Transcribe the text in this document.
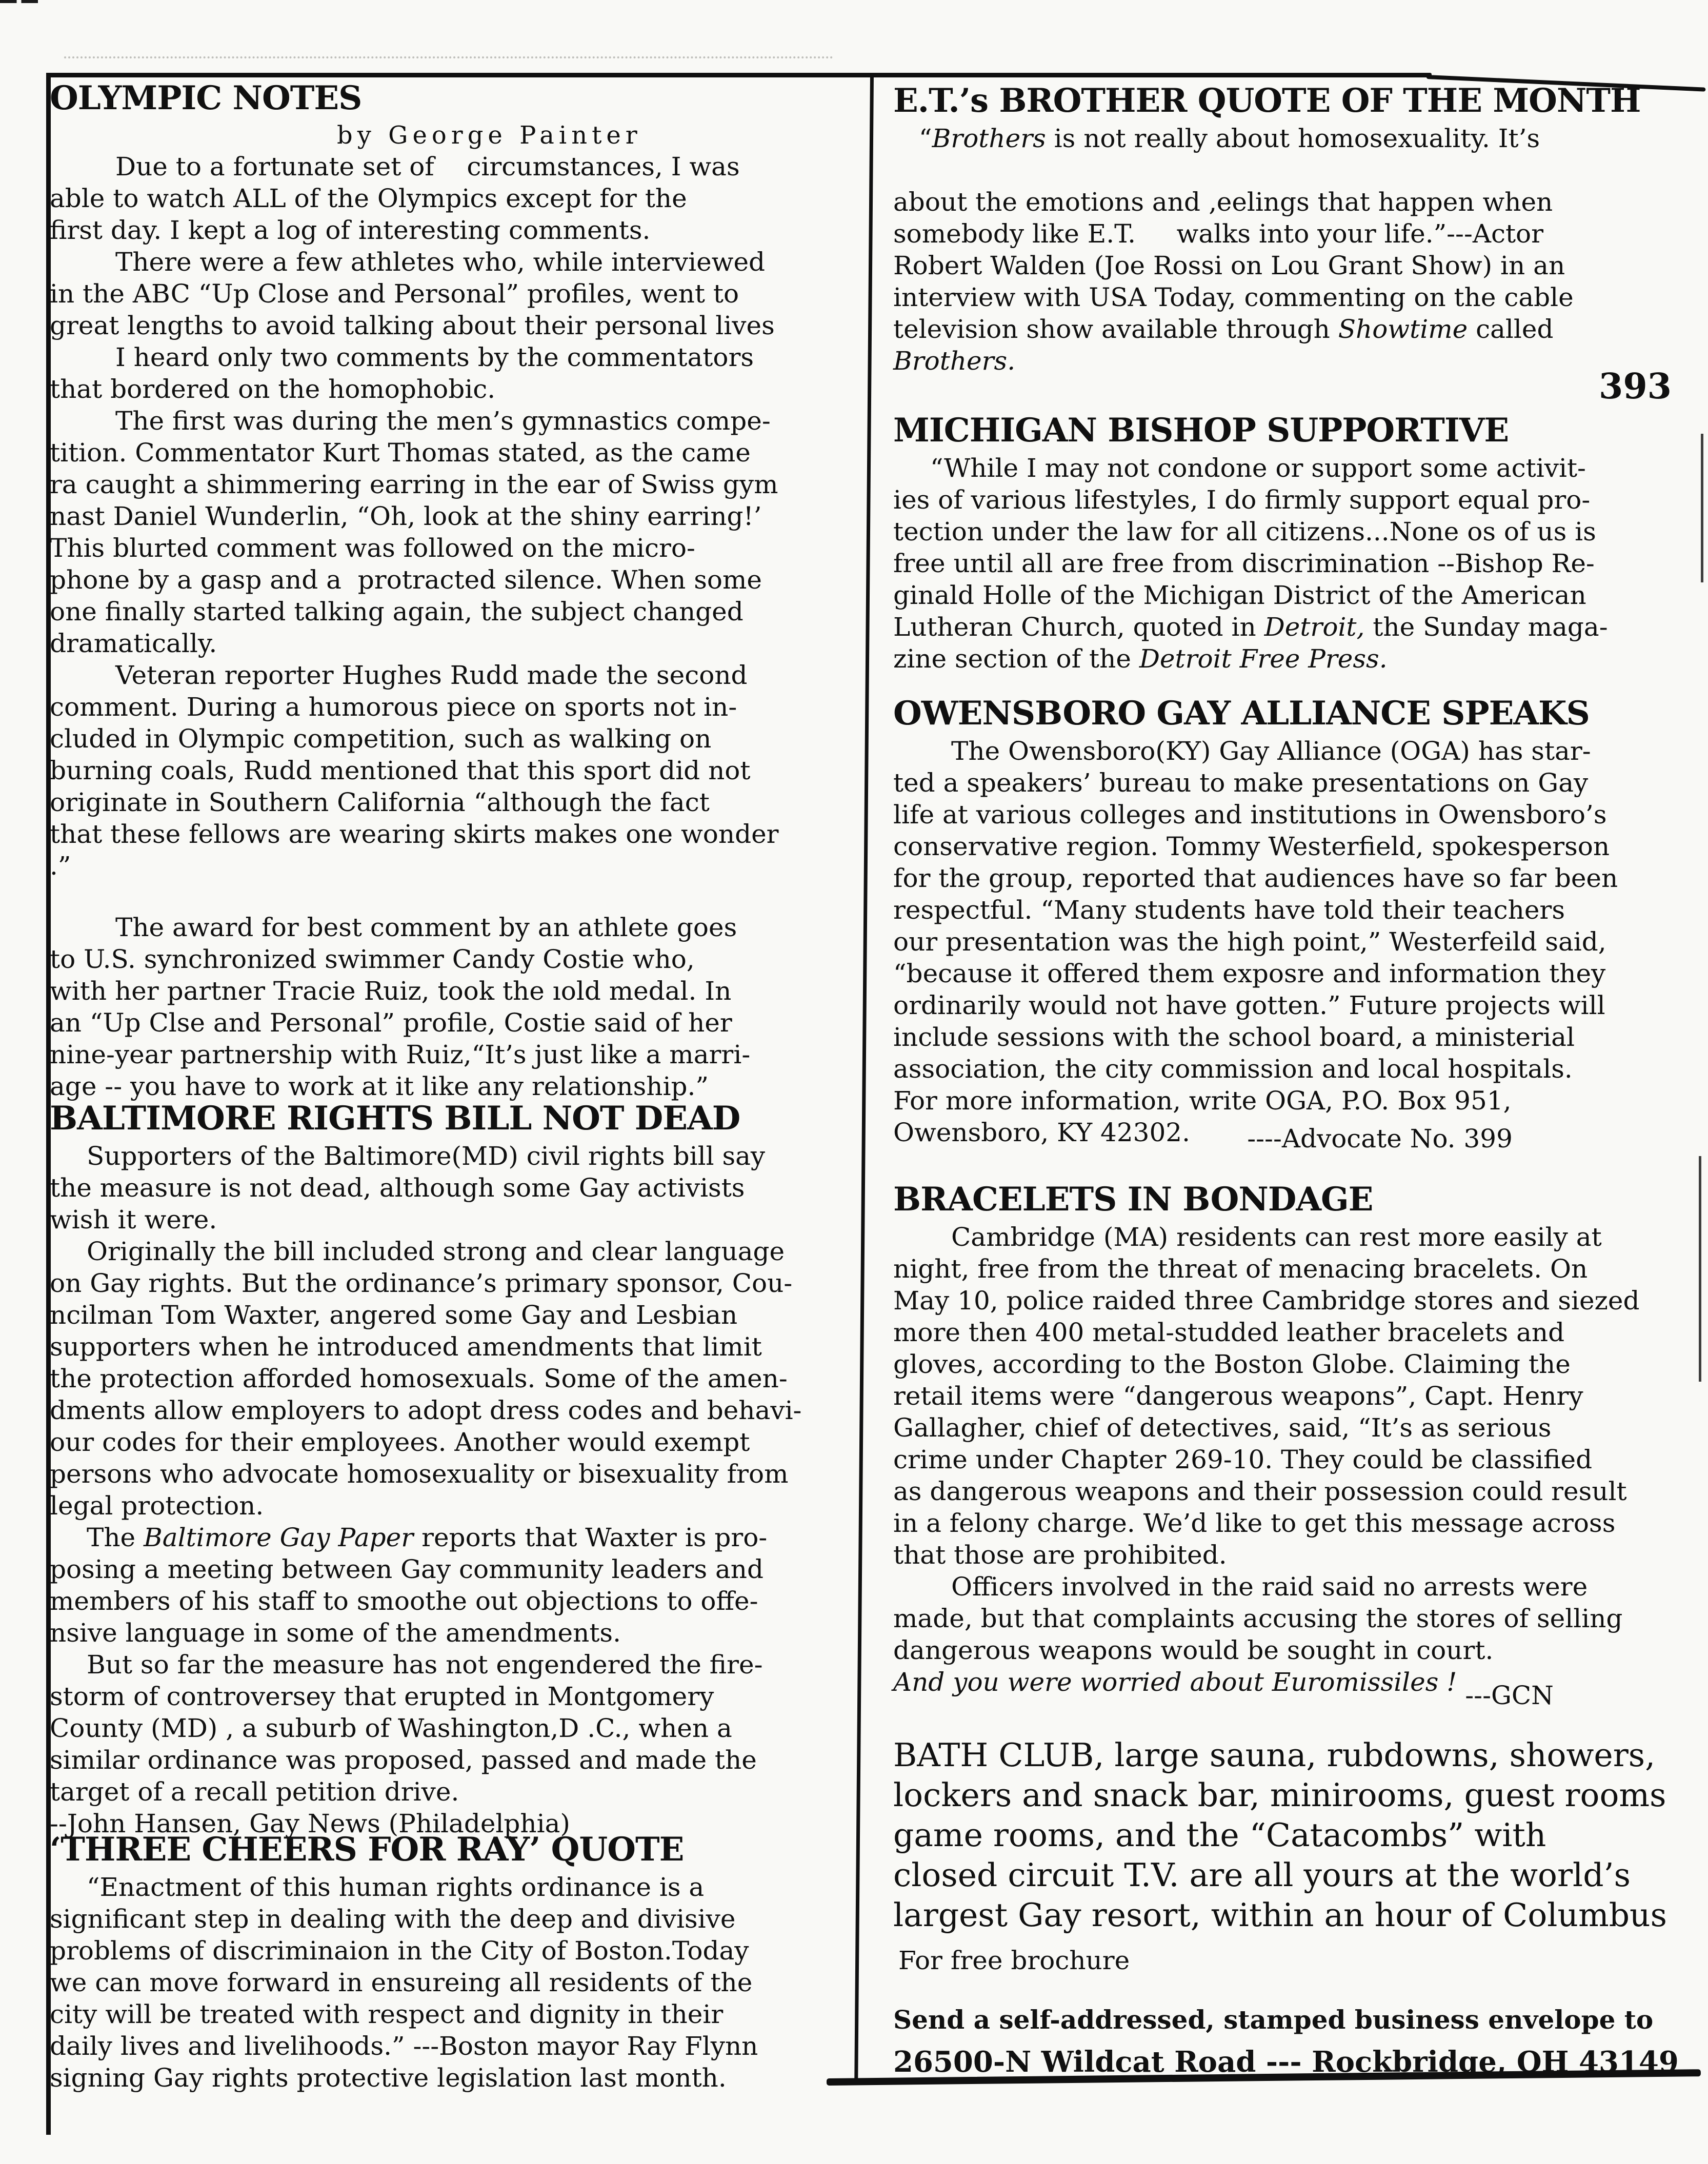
393
OLYMPIC NOTES
by George Painter
Due to a fortunate set of    circumstances, I was
able to watch ALL of the Olympics except for the
first day. I kept a log of interesting comments.
There were a few athletes who, while interviewed
in the ABC “Up Close and Personal” profiles, went to
great lengths to avoid talking about their personal lives
I heard only two comments by the commentators
that bordered on the homophobic.
The first was during the men’s gymnastics compe-
tition. Commentator Kurt Thomas stated, as the came
ra caught a shimmering earring in the ear of Swiss gym
nast Daniel Wunderlin, “Oh, look at the shiny earring!’
This blurted comment was followed on the micro-
phone by a gasp and a  protracted silence. When some
one finally started talking again, the subject changed
dramatically.
Veteran reporter Hughes Rudd made the second
comment. During a humorous piece on sports not in-
cluded in Olympic competition, such as walking on
burning coals, Rudd mentioned that this sport did not
originate in Southern California “although the fact
that these fellows are wearing skirts makes one wonder
.”
The award for best comment by an athlete goes
to U.S. synchronized swimmer Candy Costie who,
with her partner Tracie Ruiz, took the ıold medal. In
an “Up Clse and Personal” profile, Costie said of her
nine-year partnership with Ruiz,“It’s just like a marri-
age -- you have to work at it like any relationship.”
BALTIMORE RIGHTS BILL NOT DEAD
Supporters of the Baltimore(MD) civil rights bill say
the measure is not dead, although some Gay activists
wish it were.
Originally the bill included strong and clear language
on Gay rights. But the ordinance’s primary sponsor, Cou-
ncilman Tom Waxter, angered some Gay and Lesbian
supporters when he introduced amendments that limit
the protection afforded homosexuals. Some of the amen-
dments allow employers to adopt dress codes and behavi-
our codes for their employees. Another would exempt
persons who advocate homosexuality or bisexuality from
legal protection.
The Baltimore Gay Paper reports that Waxter is pro-
posing a meeting between Gay community leaders and
members of his staff to smoothe out objections to offe-
nsive language in some of the amendments.
But so far the measure has not engendered the fire-
storm of controversey that erupted in Montgomery
County (MD) , a suburb of Washington,D .C., when a
similar ordinance was proposed, passed and made the
target of a recall petition drive.
--John Hansen, Gay News (Philadelphia)
‘THREE CHEERS FOR RAY’ QUOTE
“Enactment of this human rights ordinance is a
significant step in dealing with the deep and divisive
problems of discriminaion in the City of Boston.Today
we can move forward in ensureing all residents of the
city will be treated with respect and dignity in their
daily lives and livelihoods.” ---Boston mayor Ray Flynn
signing Gay rights protective legislation last month.
E.T.’s BROTHER QUOTE OF THE MONTH
“Brothers is not really about homosexuality. It’s
about the emotions and ‚eelings that happen when
somebody like E.T.     walks into your life.”---Actor
Robert Walden (Joe Rossi on Lou Grant Show) in an
interview with USA Today, commenting on the cable
television show available through Showtime called
Brothers.
MICHIGAN BISHOP SUPPORTIVE
“While I may not condone or support some activit-
ies of various lifestyles, I do firmly support equal pro-
tection under the law for all citizens...None os of us is
free until all are free from discrimination --Bishop Re-
ginald Holle of the Michigan District of the American
Lutheran Church, quoted in Detroit, the Sunday maga-
zine section of the Detroit Free Press.
OWENSBORO GAY ALLIANCE SPEAKS
The Owensboro(KY) Gay Alliance (OGA) has star-
ted a speakers’ bureau to make presentations on Gay
life at various colleges and institutions in Owensboro’s
conservative region. Tommy Westerfield, spokesperson
for the group, reported that audiences have so far been
respectful. “Many students have told their teachers
our presentation was the high point,” Westerfeild said,
“because it offered them exposre and information they
ordinarily would not have gotten.” Future projects will
include sessions with the school board, a ministerial
association, the city commission and local hospitals.
For more information, write OGA, P.O. Box 951,
Owensboro, KY 42302.       ----Advocate No. 399
BRACELETS IN BONDAGE
Cambridge (MA) residents can rest more easily at
night, free from the threat of menacing bracelets. On
May 10, police raided three Cambridge stores and siezed
more then 400 metal-studded leather bracelets and
gloves, according to the Boston Globe. Claiming the
retail items were “dangerous weapons”, Capt. Henry
Gallagher, chief of detectives, said, “It’s as serious
crime under Chapter 269-10. They could be classified
as dangerous weapons and their possession could result
in a felony charge. We’d like to get this message across
that those are prohibited.
Officers involved in the raid said no arrests were
made, but that complaints accusing the stores of selling
dangerous weapons would be sought in court.
And you were worried about Euromissiles ! ---GCN
BATH CLUB, large sauna, rubdowns, showers,
lockers and snack bar, minirooms, guest rooms
game rooms, and the “Catacombs” with
closed circuit T.V. are all yours at the world’s
largest Gay resort, within an hour of Columbus
For free brochure
Send a self-addressed, stamped business envelope to
26500-N Wildcat Road --- Rockbridge, OH 43149
